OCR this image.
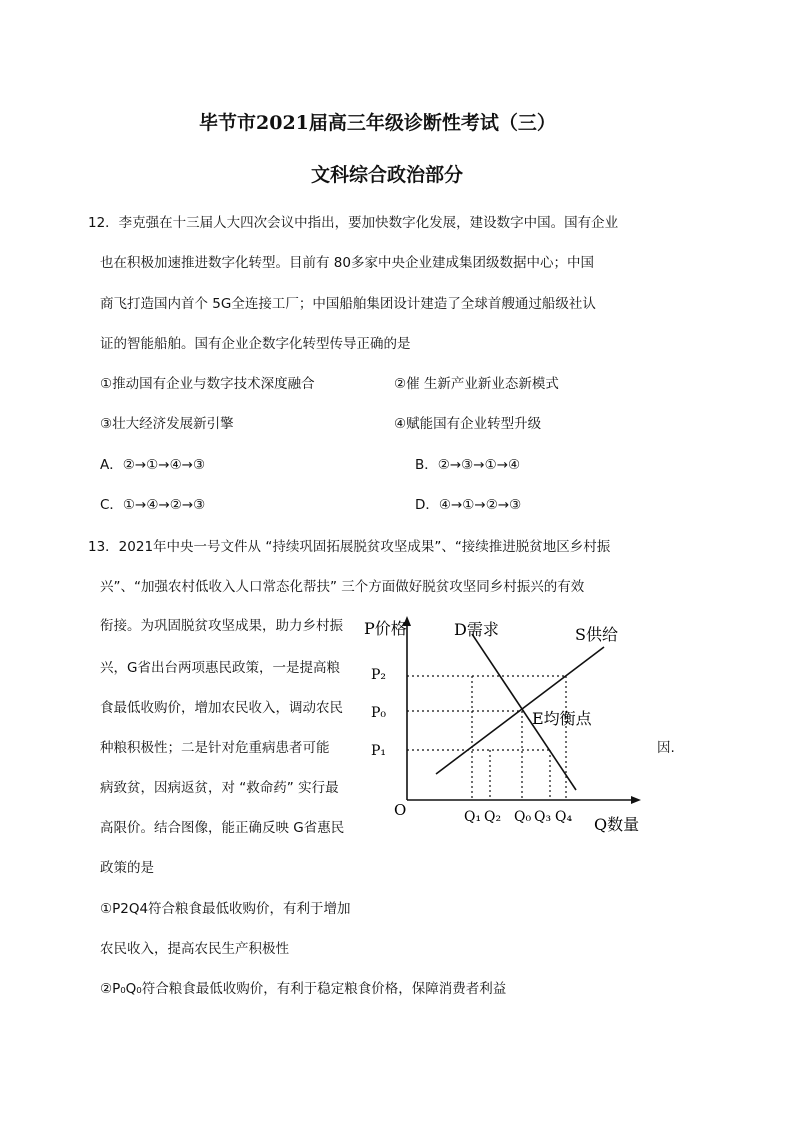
毕节市2021届高三年级诊断性考试（三）
文科综合政治部分
12．李克强在十三届人大四次会议中指出，要加快数字化发展，建设数字中国。国有企业
也在积极加速推进数字化转型。目前有 80多家中央企业建成集团级数据中心；中国
商飞打造国内首个 5G全连接工厂；中国船舶集团设计建造了全球首艘通过船级社认
证的智能船舶。国有企业企数字化转型传导正确的是
①推动国有企业与数字技术深度融合	②催 生新产业新业态新模式
③壮大经济发展新引擎	④赋能国有企业转型升级
A．②→①→④→③	B．②→③→①→④
C．①→④→②→③	D．④→①→②→③
13．2021年中央一号文件从 “持续巩固拓展脱贫攻坚成果”、“接续推进脱贫地区乡村振
兴”、“加强农村低收入人口常态化帮扶” 三个方面做好脱贫攻坚同乡村振兴的有效
衔接。为巩固脱贫攻坚成果，助力乡村振
兴，G省出台两项惠民政策，一是提高粮
食最低收购价，增加农民收入，调动农民
种粮积极性；二是针对危重病患者可能	因.
病致贫，因病返贫，对 “救命药” 实行最
高限价。结合图像，能正确反映 G省惠民
政策的是
①P2Q4符合粮食最低收购价，有利于增加
农民收入，提高农民生产积极性
②P₀Q₀符合粮食最低收购价，有利于稳定粮食价格，保障消费者利益
P价格	D需求	S供给
E均衡点
P₂
P₀
P₁
O	Q₁ Q₂ Q₀ Q₃ Q₄ Q数量
